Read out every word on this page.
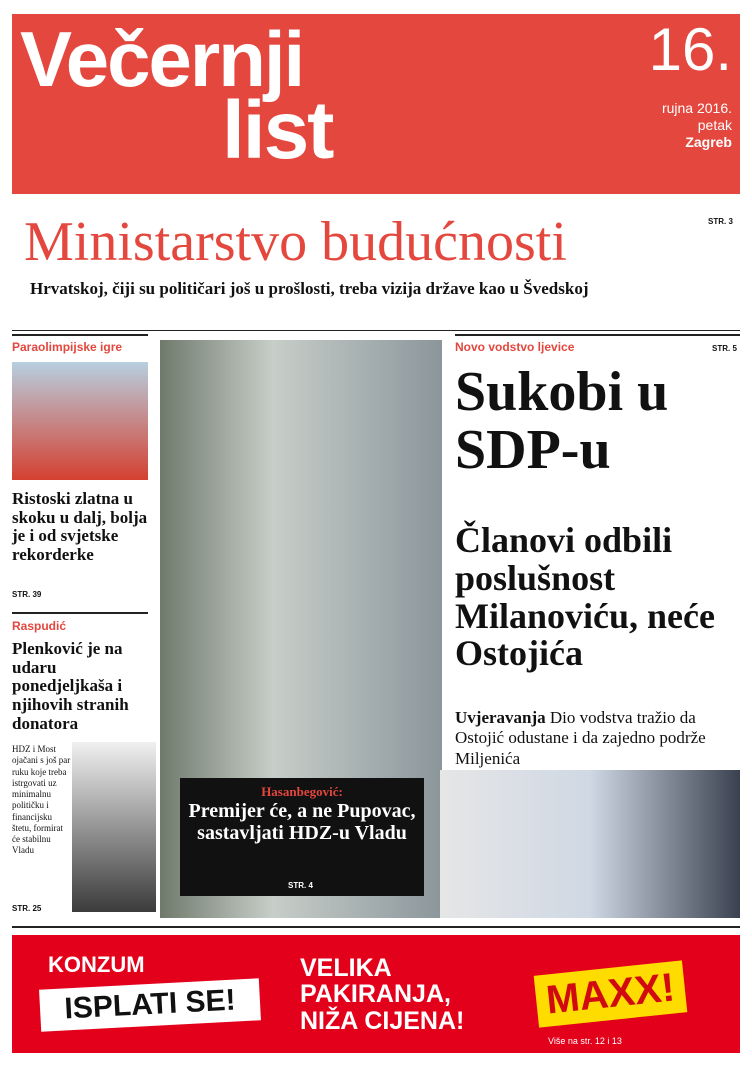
Večernji
list
16.
rujna 2016.
petak
Zagreb
Ministarstvo budućnosti	STR. 3
Hrvatskoj, čiji su političari još u prošlosti, treba vizija države kao u Švedskoj
Paraolimpijske igre
Ristoski zlatna u skoku u dalj, bolja je i od svjetske rekorderke
STR. 39
Raspudić
Plenković je na udaru ponedjeljkaša i njihovih stranih donatora
HDZ i Most ojačani s još par ruku koje treba istrgovati uz minimalnu političku i financijsku štetu, formirat će stabilnu Vladu
STR. 25
Hasanbegović:
Premijer će, a ne Pupovac, sastavljati HDZ-u Vladu
STR. 4
Novo vodstvo ljevice	STR. 5
Sukobi u SDP-u
Članovi odbili poslušnost Milanoviću, neće Ostojića
Uvjeravanja Dio vodstva tražio da Ostojić odustane i da zajedno podrže Miljenića
KONZUM
ISPLATI SE!
VELIKA PAKIRANJA, NIŽA CIJENA!	MAXX!
Više na str. 12 i 13
